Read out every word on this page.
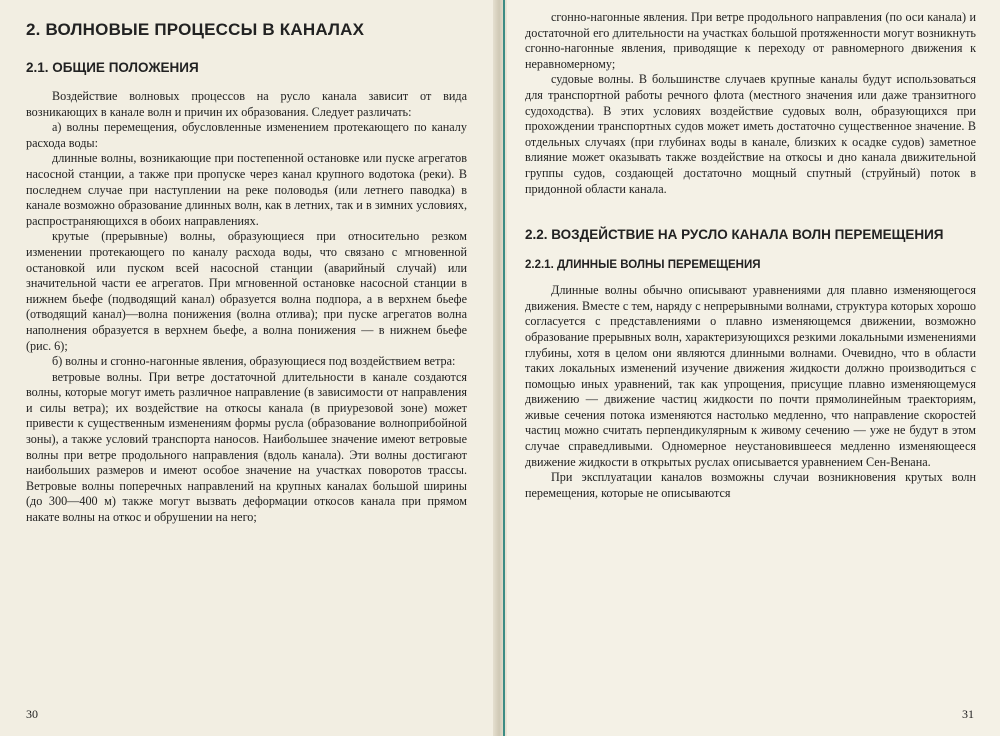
2. ВОЛНОВЫЕ ПРОЦЕССЫ В КАНАЛАХ
2.1. ОБЩИЕ ПОЛОЖЕНИЯ

Воздействие волновых процессов на русло канала зависит от вида возникающих в канале волн и причин их образования. Следует различать:

а) волны перемещения, обусловленные изменением протекающего по каналу расхода воды:

длинные волны, возникающие при постепенной остановке или пуске агрегатов насосной станции, а также при пропуске через канал крупного водотока (реки). В последнем случае при наступлении на реке половодья (или летнего паводка) в канале возможно образование длинных волн, как в летних, так и в зимних условиях, распространяющихся в обоих направлениях.

крутые (прерывные) волны, образующиеся при относительно резком изменении протекающего по каналу расхода воды, что связано с мгновенной остановкой или пуском всей насосной станции (аварийный случай) или значительной части ее агрегатов. При мгновенной остановке насосной станции в нижнем бьефе (подводящий канал) образуется волна подпора, а в верхнем бьефе (отводящий канал)—волна понижения (волна отлива); при пуске агрегатов волна наполнения образуется в верхнем бьефе, а волна понижения — в нижнем бьефе (рис. 6);

б) волны и сгонно-нагонные явления, образующиеся под воздействием ветра:

ветровые волны. При ветре достаточной длительности в канале создаются волны, которые могут иметь различное направление (в зависимости от направления и силы ветра); их воздействие на откосы канала (в приурезовой зоне) может привести к существенным изменениям формы русла (образование волноприбойной зоны), а также условий транспорта наносов. Наибольшее значение имеют ветровые волны при ветре продольного направления (вдоль канала). Эти волны достигают наибольших размеров и имеют особое значение на участках поворотов трассы. Ветровые волны поперечных направлений на крупных каналах большой ширины (до 300—400 м) также могут вызвать деформации откосов канала при прямом накате волны на откос и обрушении на него;

30

сгонно-нагонные явления. При ветре продольного направления (по оси канала) и достаточной его длительности на участках большой протяженности могут возникнуть сгонно-нагонные явления, приводящие к переходу от равномерного движения к неравномерному;

судовые волны. В большинстве случаев крупные каналы будут использоваться для транспортной работы речного флота (местного значения или даже транзитного судоходства). В этих условиях воздействие судовых волн, образующихся при прохождении транспортных судов может иметь достаточно существенное значение. В отдельных случаях (при глубинах воды в канале, близких к осадке судов) заметное влияние может оказывать также воздействие на откосы и дно канала движительной группы судов, создающей достаточно мощный спутный (струйный) поток в придонной области канала.

2.2. ВОЗДЕЙСТВИЕ НА РУСЛО КАНАЛА ВОЛН ПЕРЕМЕЩЕНИЯ
2.2.1. ДЛИННЫЕ ВОЛНЫ ПЕРЕМЕЩЕНИЯ

Длинные волны обычно описывают уравнениями для плавно изменяющегося движения. Вместе с тем, наряду с непрерывными волнами, структура которых хорошо согласуется с представлениями о плавно изменяющемся движении, возможно образование прерывных волн, характеризующихся резкими локальными изменениями глубины, хотя в целом они являются длинными волнами. Очевидно, что в области таких локальных изменений изучение движения жидкости должно производиться с помощью иных уравнений, так как упрощения, присущие плавно изменяющемуся движению — движение частиц жидкости по почти прямолинейным траекториям, живые сечения потока изменяются настолько медленно, что направление скоростей частиц можно считать перпендикулярным к живому сечению — уже не будут в этом случае справедливыми. Одномерное неустановившееся медленно изменяющееся движение жидкости в открытых руслах описывается уравнением Сен-Венана.

При эксплуатации каналов возможны случаи возникновения крутых волн перемещения, которые не описываются

31
